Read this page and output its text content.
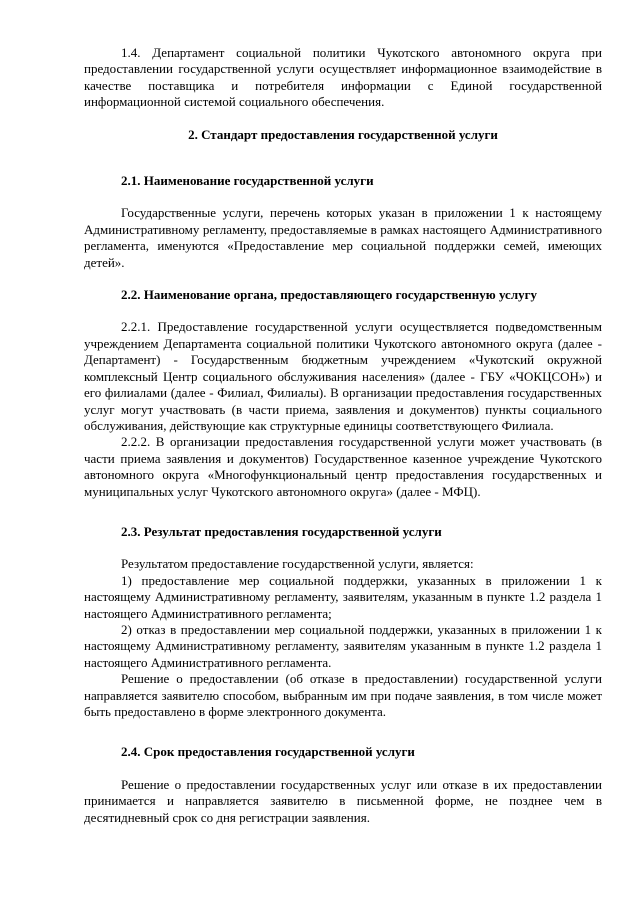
1.4. Департамент социальной политики Чукотского автономного округа при предоставлении государственной услуги осуществляет информационное взаимодействие в качестве поставщика и потребителя информации с Единой государственной информационной системой социального обеспечения.

2. Стандарт предоставления государственной услуги

2.1. Наименование государственной услуги

Государственные услуги, перечень которых указан в приложении 1 к настоящему Административному регламенту, предоставляемые в рамках настоящего Административного регламента, именуются «Предоставление мер социальной поддержки семей, имеющих детей».

2.2. Наименование органа, предоставляющего государственную услугу

2.2.1. Предоставление государственной услуги осуществляется подведомственным учреждением Департамента социальной политики Чукотского автономного округа (далее - Департамент) - Государственным бюджетным учреждением «Чукотский окружной комплексный Центр социального обслуживания населения» (далее - ГБУ «ЧОКЦСОН») и его филиалами (далее - Филиал, Филиалы). В организации предоставления государственных услуг могут участвовать (в части приема, заявления и документов) пункты социального обслуживания, действующие как структурные единицы соответствующего Филиала.

2.2.2. В организации предоставления государственной услуги может участвовать (в части приема заявления и документов) Государственное казенное учреждение Чукотского автономного округа «Многофункциональный центр предоставления государственных и муниципальных услуг Чукотского автономного округа» (далее - МФЦ).

2.3. Результат предоставления государственной услуги

Результатом предоставление государственной услуги, является:

1) предоставление мер социальной поддержки, указанных в приложении 1 к настоящему Административному регламенту, заявителям, указанным в пункте 1.2 раздела 1 настоящего Административного регламента;

2) отказ в предоставлении мер социальной поддержки, указанных в приложении 1 к настоящему Административному регламенту, заявителям указанным в пункте 1.2 раздела 1 настоящего Административного регламента.

Решение о предоставлении (об отказе в предоставлении) государственной услуги направляется заявителю способом, выбранным им при подаче заявления, в том числе может быть предоставлено в форме электронного документа.

2.4. Срок предоставления государственной услуги

Решение о предоставлении государственных услуг или отказе в их предоставлении принимается и направляется заявителю в письменной форме, не позднее чем в десятидневный срок со дня регистрации заявления.
